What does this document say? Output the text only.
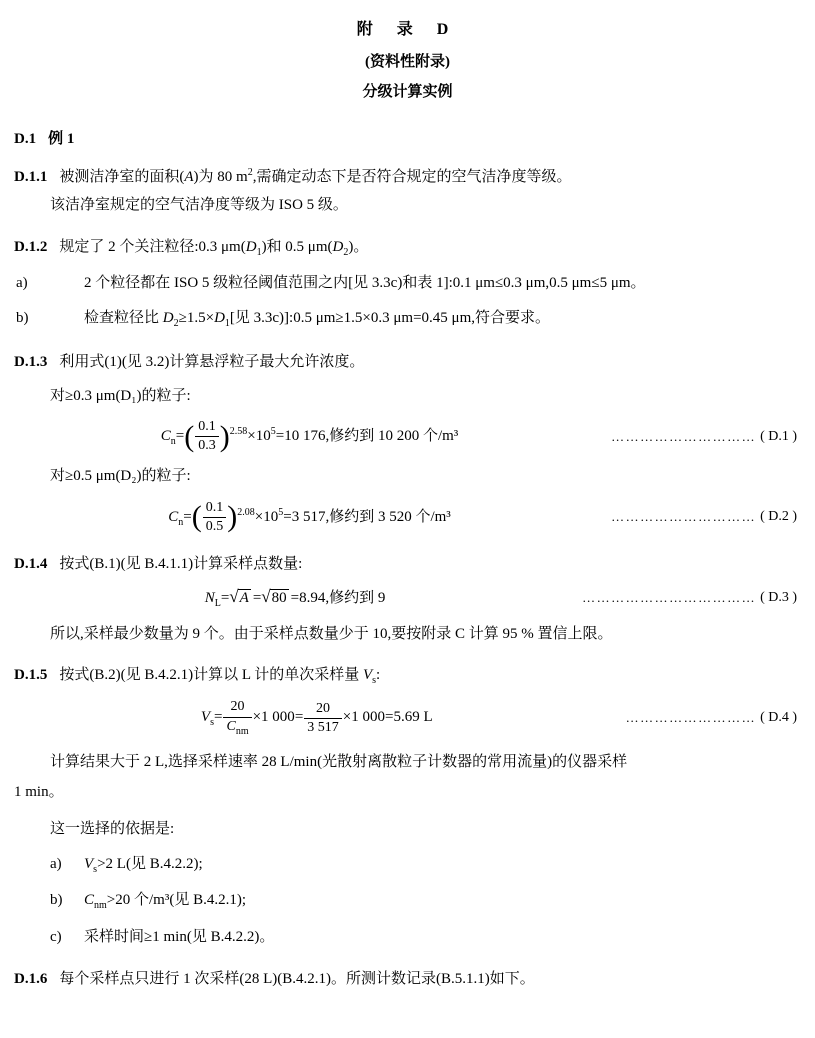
附 录 D
(资料性附录)
分级计算实例
D.1 例 1
D.1.1 被测洁净室的面积(A)为 80 $m^2$,需确定动态下是否符合规定的空气洁净度等级。
该洁净室规定的空气洁净度等级为 ISO 5 级。
D.1.2 规定了 2 个关注粒径:0.3 $\mu m(D_1)$和 0.5 $\mu m(D_2)$。
a)	2 个粒径都在 ISO 5 级粒径阈值范围之内[见 3.3c)和表 1]:0.1 μm≤0.3 μm,0.5 μm≤5 μm。
b)	检查粒径比 $D_2\ge 1.5\times D_1$[见 3.3c)]:0.5 μm≥1.5×0.3 μm=0.45 μm,符合要求。
D.1.3 利用式(1)(见 3.2)计算悬浮粒子最大允许浓度。
对≥0.3 μm(D₁)的粒子:
$C_n=( \frac{0.1}{0.3} )^{2.58}\times 10^5=10$ 176,修约到 10 200 个/m³	………………………… ( D.1 )
对≥0.5 μm(D₂)的粒子:
$C_n=( \frac{0.1}{0.5} )^{2.08}\times 10^5=3$ 517,修约到 3 520 个/m³	………………………… ( D.2 )
D.1.4 按式(B.1)(见 B.4.1.1)计算采样点数量:
$N_L=√A =√80 =8.94$,修约到 9	……………………………… ( D.3 )
所以,采样最少数量为 9 个。由于采样点数量少于 10,要按附录 C 计算 95 % 置信上限。
D.1.5 按式(B.2)(见 B.4.2.1)计算以 L 计的单次采样量 $V_s$:
$V_s= \frac{20}{C_{nm}} \times 1$ $000= \frac{20}{3 517} \times 1$ 000=5.69 L	……………………… ( D.4 )
计算结果大于 2 L,选择采样速率 28 L/min(光散射离散粒子计数器的常用流量)的仪器采样
1 min。
这一选择的依据是:
a) $V_s>2$ L(见 B.4.2.2);
b) $C_{nm}>20$ 个/m³(见 B.4.2.1);
c) 采样时间≥1 min(见 B.4.2.2)。
D.1.6 每个采样点只进行 1 次采样(28 L)(B.4.2.1)。所测计数记录(B.5.1.1)如下。
